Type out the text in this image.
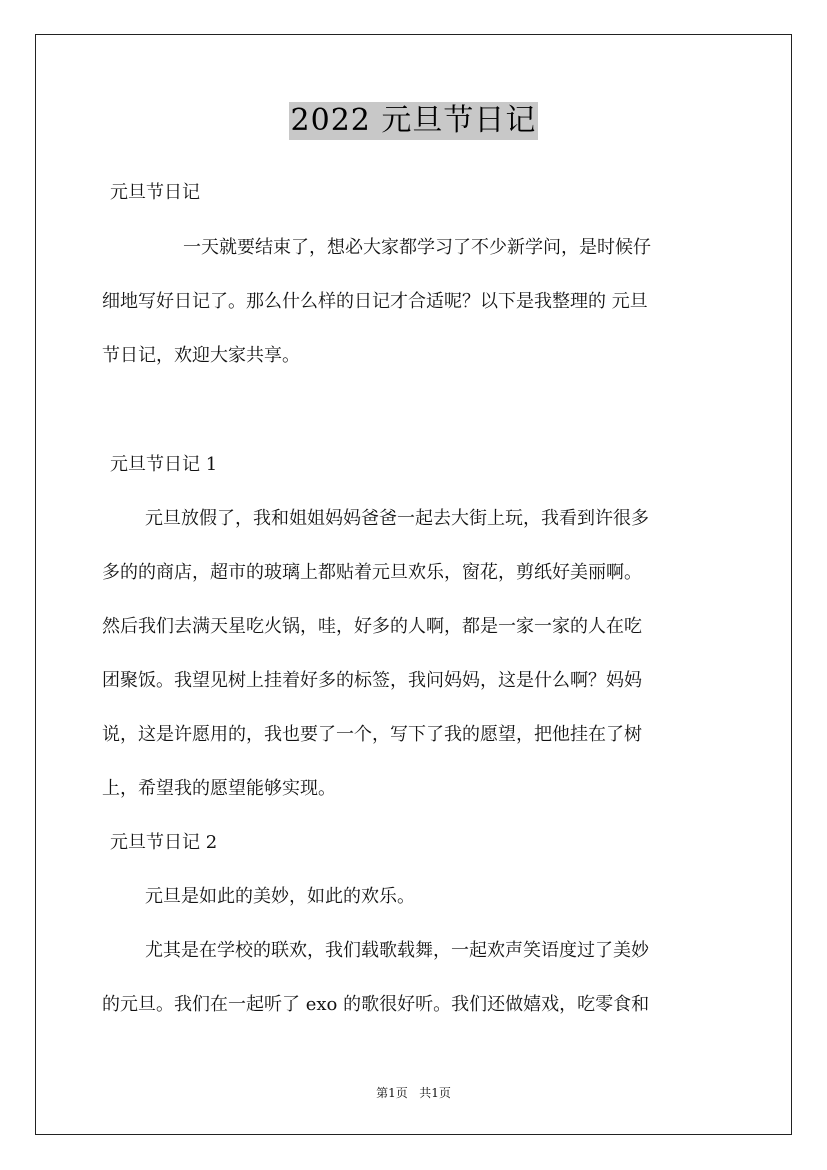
2022 元旦节日记
元旦节日记
一天就要结束了，想必大家都学习了不少新学问，是时候仔
细地写好日记了。那么什么样的日记才合适呢？以下是我整理的 元旦
节日记，欢迎大家共享。
元旦节日记 1
元旦放假了，我和姐姐妈妈爸爸一起去大街上玩，我看到许很多
多的的商店，超市的玻璃上都贴着元旦欢乐，窗花，剪纸好美丽啊。
然后我们去满天星吃火锅，哇，好多的人啊，都是一家一家的人在吃
团聚饭。我望见树上挂着好多的标签，我问妈妈，这是什么啊？妈妈
说，这是许愿用的，我也要了一个，写下了我的愿望，把他挂在了树
上，希望我的愿望能够实现。
元旦节日记 2
元旦是如此的美妙，如此的欢乐。
尤其是在学校的联欢，我们载歌载舞，一起欢声笑语度过了美妙
的元旦。我们在一起听了 exo 的歌很好听。我们还做嬉戏，吃零食和
第1页   共1页
